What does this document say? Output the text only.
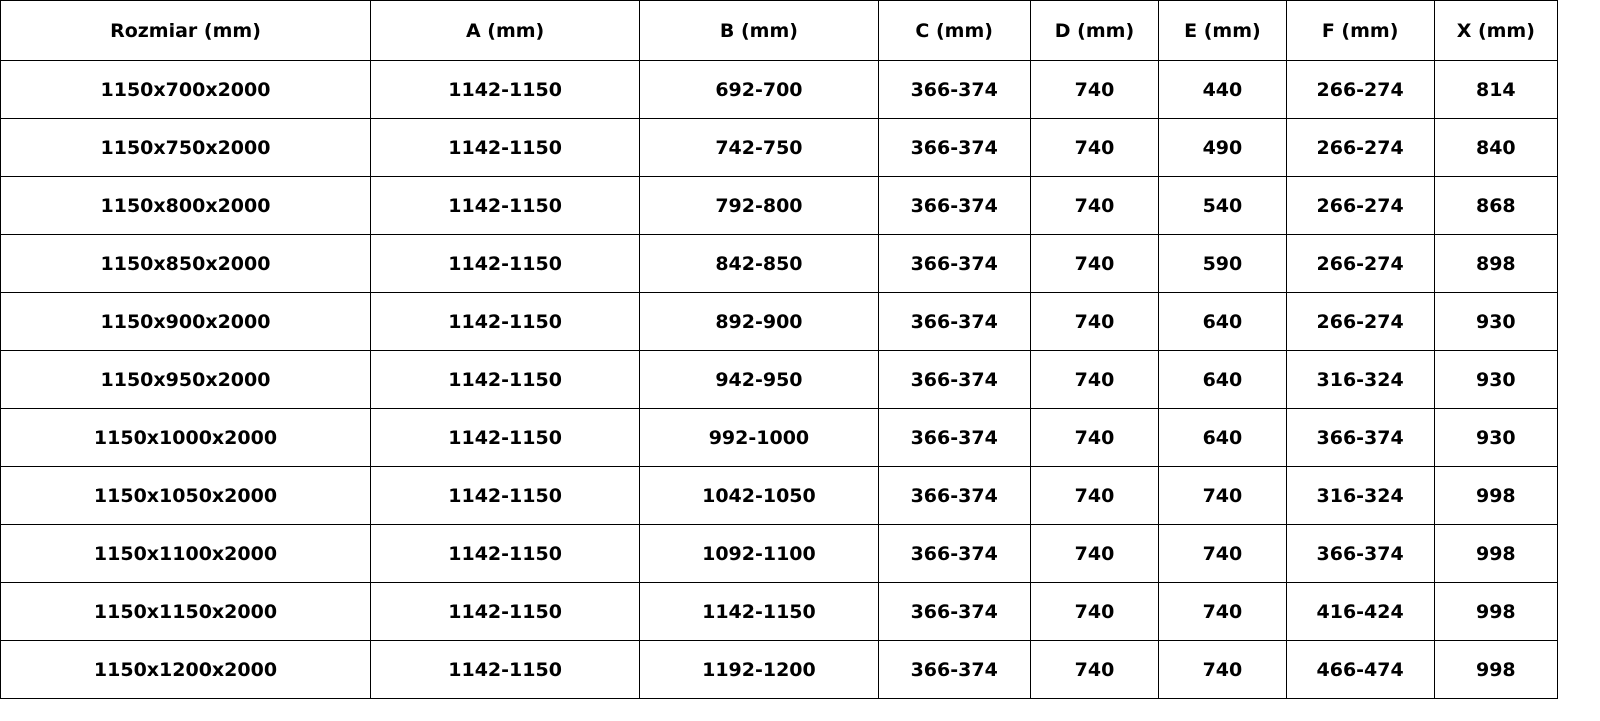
Rozmiar (mm)	A (mm)	B (mm)	C (mm)	D (mm)	E (mm)	F (mm)	X (mm)
1150x700x2000	1142-1150	692-700	366-374	740	440	266-274	814
1150x750x2000	1142-1150	742-750	366-374	740	490	266-274	840
1150x800x2000	1142-1150	792-800	366-374	740	540	266-274	868
1150x850x2000	1142-1150	842-850	366-374	740	590	266-274	898
1150x900x2000	1142-1150	892-900	366-374	740	640	266-274	930
1150x950x2000	1142-1150	942-950	366-374	740	640	316-324	930
1150x1000x2000	1142-1150	992-1000	366-374	740	640	366-374	930
1150x1050x2000	1142-1150	1042-1050	366-374	740	740	316-324	998
1150x1100x2000	1142-1150	1092-1100	366-374	740	740	366-374	998
1150x1150x2000	1142-1150	1142-1150	366-374	740	740	416-424	998
1150x1200x2000	1142-1150	1192-1200	366-374	740	740	466-474	998
